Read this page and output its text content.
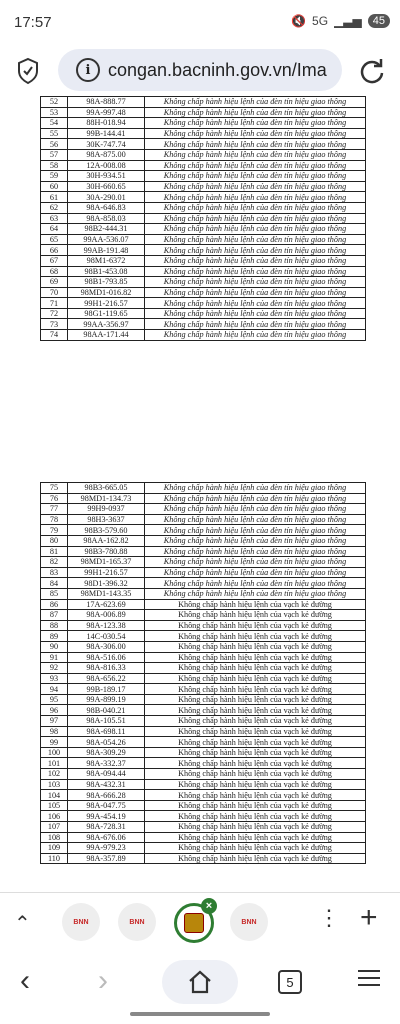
17:57	🔇 5G ▁▃▅	45
i congan.bacninh.gov.vn/Ima
52	98A-888.77	Không chấp hành hiệu lệnh của đèn tín hiệu giao thông
53	99A-997.48	Không chấp hành hiệu lệnh của đèn tín hiệu giao thông
54	88H-018.94	Không chấp hành hiệu lệnh của đèn tín hiệu giao thông
55	99B-144.41	Không chấp hành hiệu lệnh của đèn tín hiệu giao thông
56	30K-747.74	Không chấp hành hiệu lệnh của đèn tín hiệu giao thông
57	98A-875.00	Không chấp hành hiệu lệnh của đèn tín hiệu giao thông
58	12A-008.08	Không chấp hành hiệu lệnh của đèn tín hiệu giao thông
59	30H-934.51	Không chấp hành hiệu lệnh của đèn tín hiệu giao thông
60	30H-660.65	Không chấp hành hiệu lệnh của đèn tín hiệu giao thông
61	30A-290.01	Không chấp hành hiệu lệnh của đèn tín hiệu giao thông
62	98A-646.83	Không chấp hành hiệu lệnh của đèn tín hiệu giao thông
63	98A-858.03	Không chấp hành hiệu lệnh của đèn tín hiệu giao thông
64	98B2-444.31	Không chấp hành hiệu lệnh của đèn tín hiệu giao thông
65	99AA-536.07	Không chấp hành hiệu lệnh của đèn tín hiệu giao thông
66	99AB-191.48	Không chấp hành hiệu lệnh của đèn tín hiệu giao thông
67	98M1-6372	Không chấp hành hiệu lệnh của đèn tín hiệu giao thông
68	98B1-453.08	Không chấp hành hiệu lệnh của đèn tín hiệu giao thông
69	98B1-793.85	Không chấp hành hiệu lệnh của đèn tín hiệu giao thông
70	98MD1-016.82	Không chấp hành hiệu lệnh của đèn tín hiệu giao thông
71	99H1-216.57	Không chấp hành hiệu lệnh của đèn tín hiệu giao thông
72	98G1-119.65	Không chấp hành hiệu lệnh của đèn tín hiệu giao thông
73	99AA-356.97	Không chấp hành hiệu lệnh của đèn tín hiệu giao thông
74	98AA-171.44	Không chấp hành hiệu lệnh của đèn tín hiệu giao thông
75	98B3-665.05	Không chấp hành hiệu lệnh của đèn tín hiệu giao thông
76	98MD1-134.73	Không chấp hành hiệu lệnh của đèn tín hiệu giao thông
77	99H9-0937	Không chấp hành hiệu lệnh của đèn tín hiệu giao thông
78	98H3-3637	Không chấp hành hiệu lệnh của đèn tín hiệu giao thông
79	98B3-579.60	Không chấp hành hiệu lệnh của đèn tín hiệu giao thông
80	98AA-162.82	Không chấp hành hiệu lệnh của đèn tín hiệu giao thông
81	98B3-780.88	Không chấp hành hiệu lệnh của đèn tín hiệu giao thông
82	98MD1-165.37	Không chấp hành hiệu lệnh của đèn tín hiệu giao thông
83	99H1-216.57	Không chấp hành hiệu lệnh của đèn tín hiệu giao thông
84	98D1-396.32	Không chấp hành hiệu lệnh của đèn tín hiệu giao thông
85	98MD1-143.35	Không chấp hành hiệu lệnh của đèn tín hiệu giao thông
86	17A-623.69	Không chấp hành hiệu lệnh của vạch kẻ đường
87	98A-006.89	Không chấp hành hiệu lệnh của vạch kẻ đường
88	98A-123.38	Không chấp hành hiệu lệnh của vạch kẻ đường
89	14C-030.54	Không chấp hành hiệu lệnh của vạch kẻ đường
90	98A-306.00	Không chấp hành hiệu lệnh của vạch kẻ đường
91	98A-516.06	Không chấp hành hiệu lệnh của vạch kẻ đường
92	98A-816.33	Không chấp hành hiệu lệnh của vạch kẻ đường
93	98A-656.22	Không chấp hành hiệu lệnh của vạch kẻ đường
94	99B-189.17	Không chấp hành hiệu lệnh của vạch kẻ đường
95	99A-899.19	Không chấp hành hiệu lệnh của vạch kẻ đường
96	98B-040.21	Không chấp hành hiệu lệnh của vạch kẻ đường
97	98A-105.51	Không chấp hành hiệu lệnh của vạch kẻ đường
98	98A-698.11	Không chấp hành hiệu lệnh của vạch kẻ đường
99	98A-054.26	Không chấp hành hiệu lệnh của vạch kẻ đường
100	98A-309.29	Không chấp hành hiệu lệnh của vạch kẻ đường
101	98A-332.37	Không chấp hành hiệu lệnh của vạch kẻ đường
102	98A-094.44	Không chấp hành hiệu lệnh của vạch kẻ đường
103	98A-432.31	Không chấp hành hiệu lệnh của vạch kẻ đường
104	98A-666.28	Không chấp hành hiệu lệnh của vạch kẻ đường
105	98A-047.75	Không chấp hành hiệu lệnh của vạch kẻ đường
106	99A-454.19	Không chấp hành hiệu lệnh của vạch kẻ đường
107	98A-728.31	Không chấp hành hiệu lệnh của vạch kẻ đường
108	98A-676.06	Không chấp hành hiệu lệnh của vạch kẻ đường
109	99A-979.23	Không chấp hành hiệu lệnh của vạch kẻ đường
110	98A-357.89	Không chấp hành hiệu lệnh của vạch kẻ đường
⌃	BNN	BNN
×
BNN	⋮ +
‹ ›	5
